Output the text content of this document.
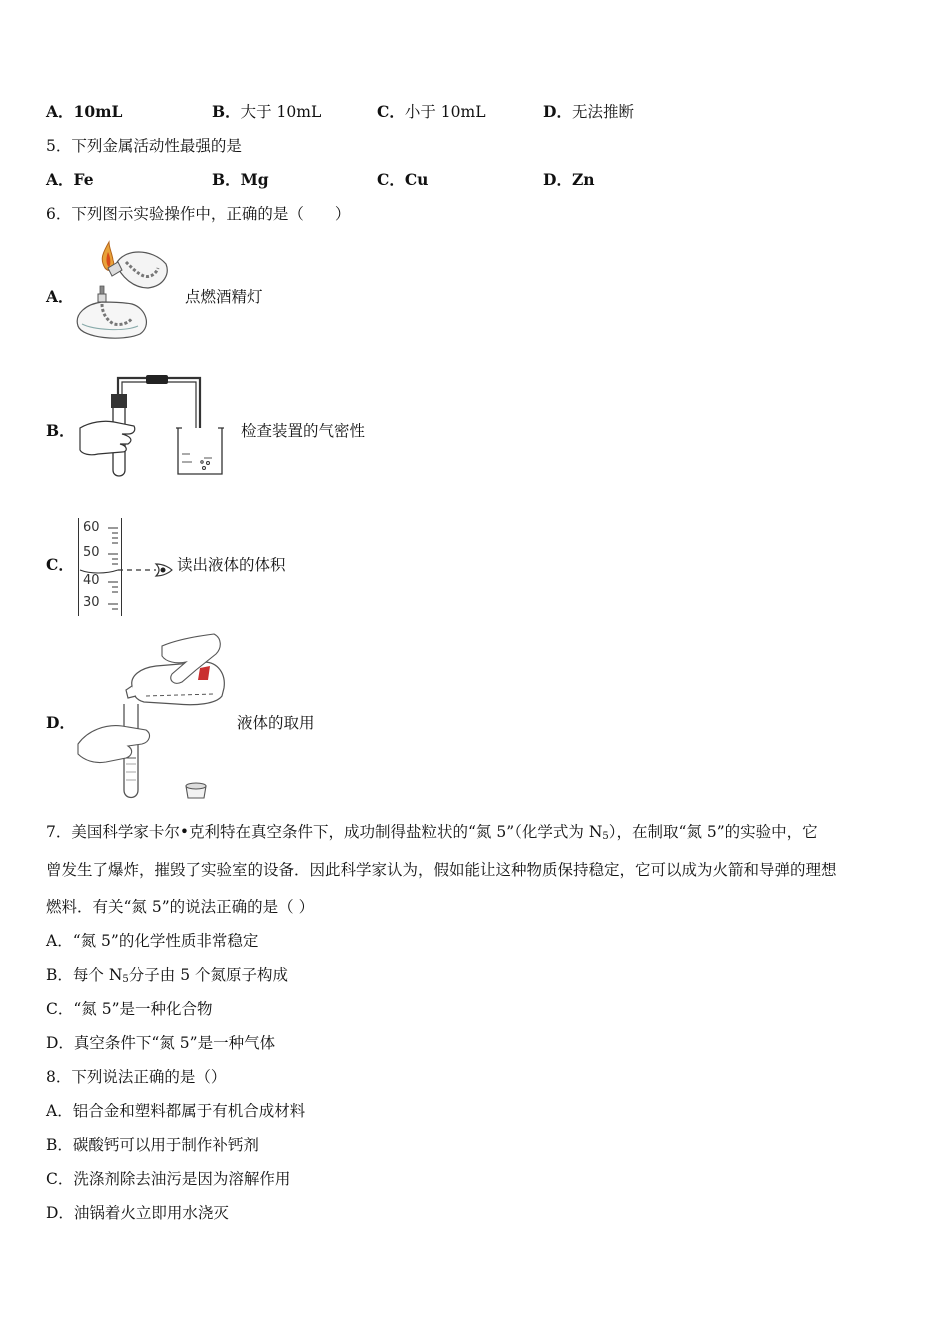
A．10mL	B．大于 10mL	C．小于 10mL	D．无法推断
5．下列金属活动性最强的是
A．Fe	B．Mg	C．Cu	D．Zn
6．下列图示实验操作中，正确的是（　　）
A．	点燃酒精灯
B．	检查装置的气密性
C．
60
50
40
30
读出液体的体积
D．	液体的取用
7．美国科学家卡尔•克利特在真空条件下，成功制得盐粒状的“氮 5”（化学式为 $N_5$），在制取“氮 5”的实验中，它
曾发生了爆炸，摧毁了实验室的设备．因此科学家认为，假如能让这种物质保持稳定，它可以成为火箭和导弹的理想
燃料．有关“氮 5”的说法正确的是（ ）
A．“氮 5”的化学性质非常稳定
B．每个 $N_5$分子由 5 个氮原子构成
C．“氮 5”是一种化合物
D．真空条件下“氮 5”是一种气体
8．下列说法正确的是（）
A．铝合金和塑料都属于有机合成材料
B．碳酸钙可以用于制作补钙剂
C．洗涤剂除去油污是因为溶解作用
D．油锅着火立即用水浇灭
